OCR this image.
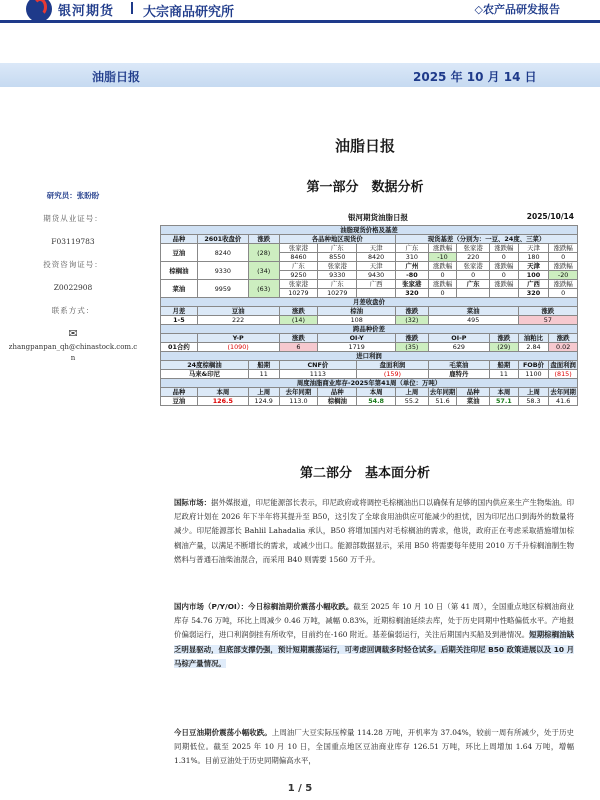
银河期货 大宗商品研究所	◇农产品研发报告
油脂日报	2025 年 10 月 14 日
研究员：张盼盼
期货从业证号：
F03119783
投资咨询证号：
Z0022908
联系方式：
✉
zhangpanpan_qh@chinastock.com.cn
油脂日报
第一部分　数据分析
银河期货油脂日报	2025/10/14
油脂现货价格及基差											
品种	2601收盘价	涨跌	各品种地区现货价			现货基差（分别为：一豆、24度、三菜）					
豆油	8240	(28)	张家港	广东	天津	广东	涨跌幅	张家港	涨跌幅	天津	涨跌幅
			8460	8550	8420	310	-10	220	0	180	0
棕榈油	9330	(34)	广东	张家港	天津	广州	涨跌幅	张家港	涨跌幅	天津	涨跌幅
			9250	9330	9430	-80	0	0	0	100	-20
菜油	9959	(63)	张家港	广东	广西	张家港	涨跌幅	广东	涨跌幅	广西	涨跌幅
			10279	10279		320	0			320	0
月差收盘价											
月差	豆油		涨跌	棕油		涨跌	菜油			涨跌	
1-5	222		(14)	108		(32)	495			57	
跨品种价差											
	Y-P		涨跌	OI-Y		涨跌	OI-P		涨跌	油粕比	涨跌
01合约	(1090)		6	1719		(35)	629		(29)	2.84	0.02
进口利润											
24度棕榈油		船期	CNF价		盘面利润		毛菜油		船期	FOB价	盘面利润
马来&印尼		11	1113		(159)		鹿特丹		11	1100	(815)
周度油脂商业库存-2025年第41周（单位：万吨）											
品种	本周	上周	去年同期	品种	本周	上周	去年同期	品种	本周	上周	去年同期
豆油	126.5	124.9	113.0	棕榈油	54.8	55.2	51.6	菜油	57.1	58.3	41.6
第二部分　基本面分析
国际市场：据外媒报道，印尼能源部长表示，印尼政府或将调控毛棕榈油出口以确保有足够的国内供应来生产生物柴油。印尼政府计划在 2026 年下半年将其提升至 B50，这引发了全球食用油供应可能减少的担忧，因为印尼出口到海外的数量将减少。印尼能源部长 Bahlil Lahadalia 承认，B50 将增加国内对毛棕榈油的需求，他说，政府正在考虑采取措施增加棕榈油产量，以满足不断增长的需求，或减少出口。能源部数据显示，采用 B50 将需要每年使用 2010 万千升棕榈油制生物燃料与普通石油柴油混合，而采用 B40 则需要 1560 万千升。
国内市场（P/Y/OI）：今日棕榈油期价震荡小幅收跌。截至 2025 年 10 月 10 日（第 41 周），全国重点地区棕榈油商业库存 54.76 万吨，环比上周减少 0.46 万吨，减幅 0.83%，近期棕榈油延续去库，处于历史同期中性略偏低水平。产地报价偏弱运行，进口利润倒挂有所收窄，目前约在-160 附近。基差偏弱运行，关注后期国内买船及到港情况。短期棕榈油缺乏明显驱动，但底部支撑仍强，预计短期震荡运行，可考虑回调载多时轻仓试多。后期关注印尼 B50 政策进展以及 10 月马棕产量情况。
今日豆油期价震荡小幅收跌。上周油厂大豆实际压榨量 114.28 万吨，开机率为 37.04%，较前一周有所减少，处于历史同期低位。截至 2025 年 10 月 10 日，全国重点地区豆油商业库存 126.51 万吨，环比上周增加 1.64 万吨，增幅 1.31%。目前豆油处于历史同期偏高水平，
1 / 5
